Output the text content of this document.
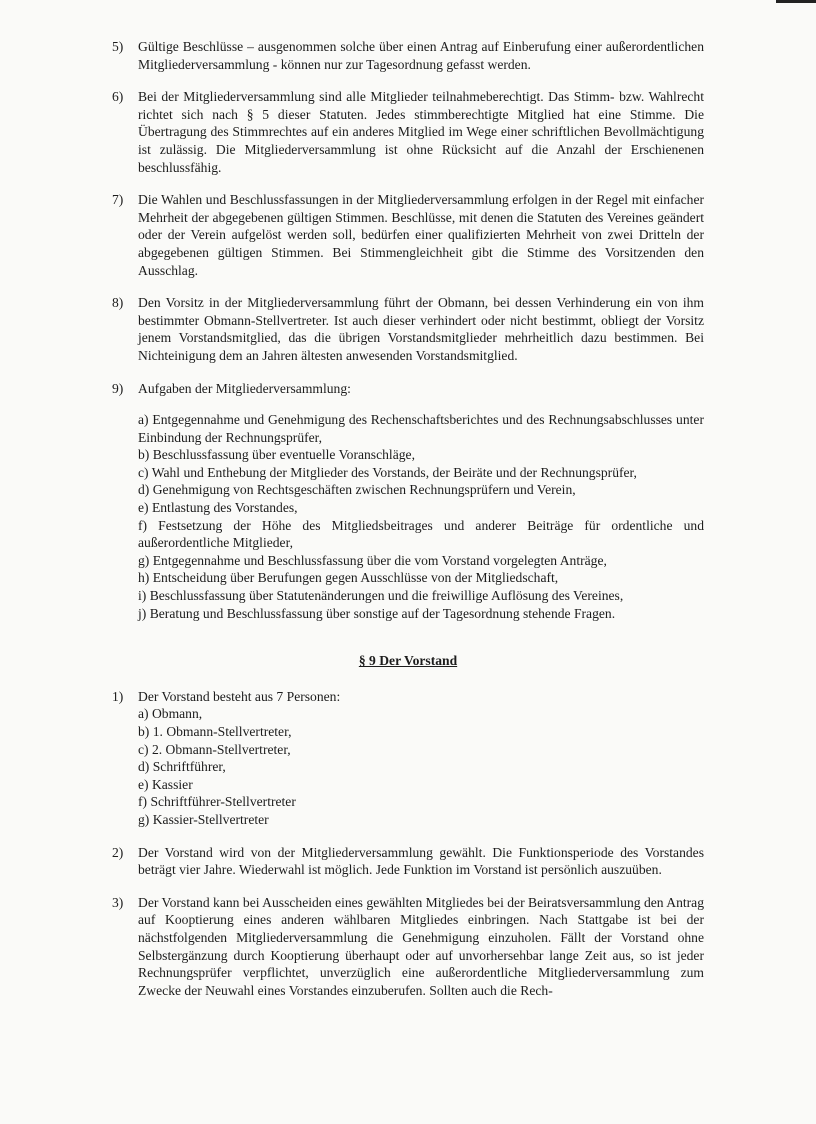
5) Gültige Beschlüsse – ausgenommen solche über einen Antrag auf Einberufung einer außerordentlichen Mitgliederversammlung - können nur zur Tagesordnung gefasst werden.

6) Bei der Mitgliederversammlung sind alle Mitglieder teilnahmeberechtigt. Das Stimm- bzw. Wahlrecht richtet sich nach § 5 dieser Statuten. Jedes stimmberechtigte Mitglied hat eine Stimme. Die Übertragung des Stimmrechtes auf ein anderes Mitglied im Wege einer schriftlichen Bevollmächtigung ist zulässig. Die Mitgliederversammlung ist ohne Rücksicht auf die Anzahl der Erschienenen beschlussfähig.

7) Die Wahlen und Beschlussfassungen in der Mitgliederversammlung erfolgen in der Regel mit einfacher Mehrheit der abgegebenen gültigen Stimmen. Beschlüsse, mit denen die Statuten des Vereines geändert oder der Verein aufgelöst werden soll, bedürfen einer qualifizierten Mehrheit von zwei Dritteln der abgegebenen gültigen Stimmen. Bei Stimmengleichheit gibt die Stimme des Vorsitzenden den Ausschlag.

8) Den Vorsitz in der Mitgliederversammlung führt der Obmann, bei dessen Verhinderung ein von ihm bestimmter Obmann-Stellvertreter. Ist auch dieser verhindert oder nicht bestimmt, obliegt der Vorsitz jenem Vorstandsmitglied, das die übrigen Vorstandsmitglieder mehrheitlich dazu bestimmen. Bei Nichteinigung dem an Jahren ältesten anwesenden Vorstandsmitglied.

9) Aufgaben der Mitgliederversammlung:

a) Entgegennahme und Genehmigung des Rechenschaftsberichtes und des Rechnungsabschlusses unter Einbindung der Rechnungsprüfer,
b) Beschlussfassung über eventuelle Voranschläge,
c) Wahl und Enthebung der Mitglieder des Vorstands, der Beiräte und der Rechnungsprüfer,
d) Genehmigung von Rechtsgeschäften zwischen Rechnungsprüfern und Verein,
e) Entlastung des Vorstandes,
f) Festsetzung der Höhe des Mitgliedsbeitrages und anderer Beiträge für ordentliche und außerordentliche Mitglieder,
g) Entgegennahme und Beschlussfassung über die vom Vorstand vorgelegten Anträge,
h) Entscheidung über Berufungen gegen Ausschlüsse von der Mitgliedschaft,
i) Beschlussfassung über Statutenänderungen und die freiwillige Auflösung des Vereines,
j) Beratung und Beschlussfassung über sonstige auf der Tagesordnung stehende Fragen.
§ 9 Der Vorstand
1) Der Vorstand besteht aus 7 Personen:

a) Obmann,
b) 1. Obmann-Stellvertreter,
c) 2. Obmann-Stellvertreter,
d) Schriftführer,
e) Kassier
f) Schriftführer-Stellvertreter
g) Kassier-Stellvertreter
2) Der Vorstand wird von der Mitgliederversammlung gewählt. Die Funktionsperiode des Vorstandes beträgt vier Jahre. Wiederwahl ist möglich. Jede Funktion im Vorstand ist persönlich auszuüben.

3) Der Vorstand kann bei Ausscheiden eines gewählten Mitgliedes bei der Beiratsversammlung den Antrag auf Kooptierung eines anderen wählbaren Mitgliedes einbringen. Nach Stattgabe ist bei der nächstfolgenden Mitgliederversammlung die Genehmigung einzuholen. Fällt der Vorstand ohne Selbstergänzung durch Kooptierung überhaupt oder auf unvorhersehbar lange Zeit aus, so ist jeder Rechnungsprüfer verpflichtet, unverzüglich eine außerordentliche Mitgliederversammlung zum Zwecke der Neuwahl eines Vorstandes einzuberufen. Sollten auch die Rech-
